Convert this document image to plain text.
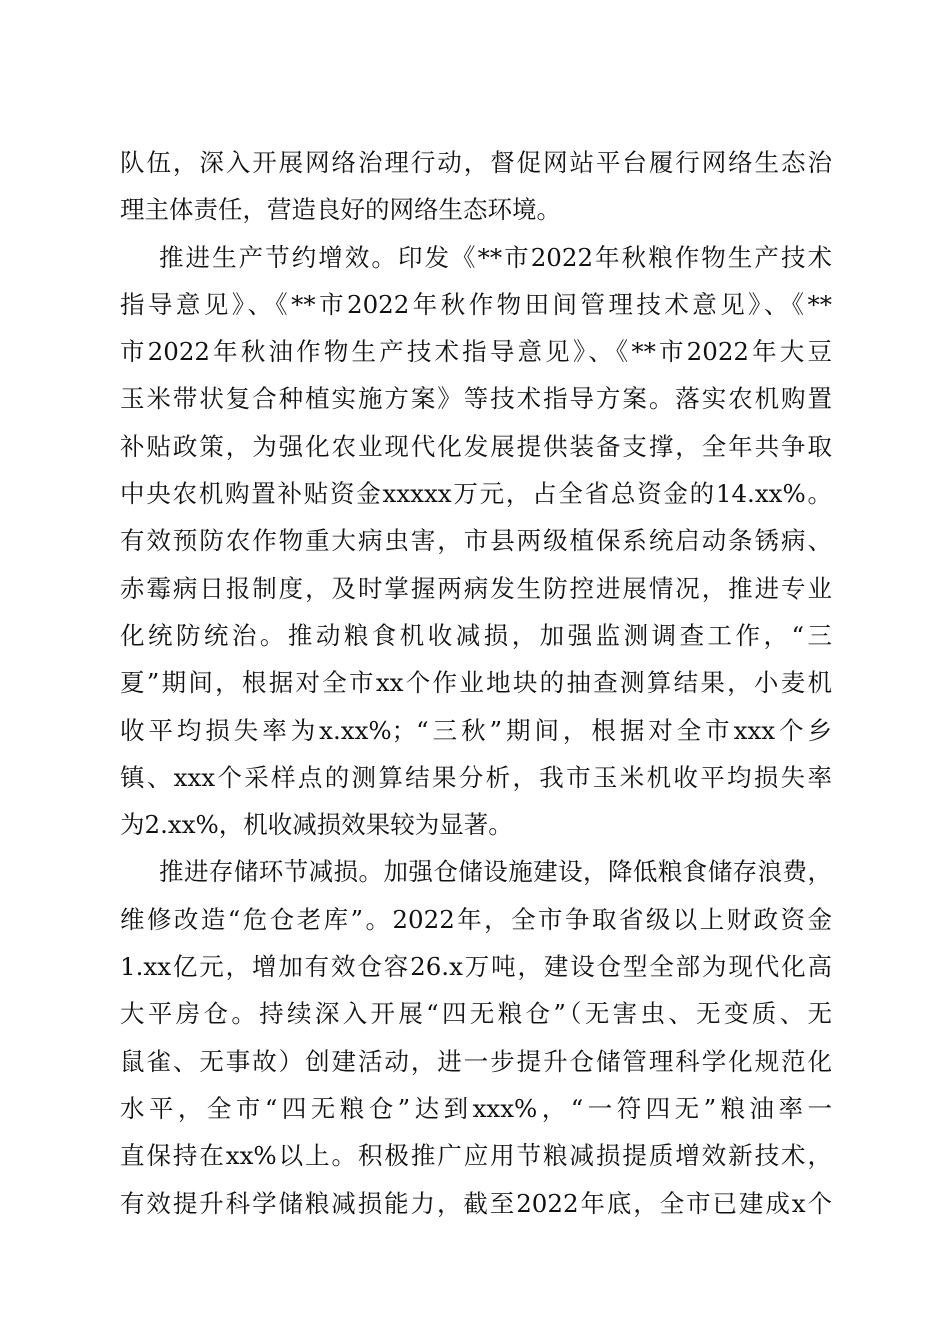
队伍，深入开展网络治理行动，督促网站平台履行网络生态治
理主体责任，营造良好的网络生态环境。
推进生产节约增效。印发《**市2022年秋粮作物生产技术
指导意见》、《**市2022年秋作物田间管理技术意见》、《**
市2022年秋油作物生产技术指导意见》、《**市2022年大豆
玉米带状复合种植实施方案》等技术指导方案。落实农机购置
补贴政策，为强化农业现代化发展提供装备支撑，全年共争取
中央农机购置补贴资金xxxxx万元，占全省总资金的14.xx%。
有效预防农作物重大病虫害，市县两级植保系统启动条锈病、
赤霉病日报制度，及时掌握两病发生防控进展情况，推进专业
化统防统治。推动粮食机收减损，加强监测调查工作，“三
夏”期间，根据对全市xx个作业地块的抽查测算结果，小麦机
收平均损失率为x.xx%；“三秋”期间，根据对全市xxx个乡
镇、xxx个采样点的测算结果分析，我市玉米机收平均损失率
为2.xx%，机收减损效果较为显著。
推进存储环节减损。加强仓储设施建设，降低粮食储存浪费，
维修改造“危仓老库”。2022年，全市争取省级以上财政资金
1.xx亿元，增加有效仓容26.x万吨，建设仓型全部为现代化高
大平房仓。持续深入开展“四无粮仓”（无害虫、无变质、无
鼠雀、无事故）创建活动，进一步提升仓储管理科学化规范化
水平，全市“四无粮仓”达到xxx%，“一符四无”粮油率一
直保持在xx%以上。积极推广应用节粮减损提质增效新技术，
有效提升科学储粮减损能力，截至2022年底，全市已建成x个
